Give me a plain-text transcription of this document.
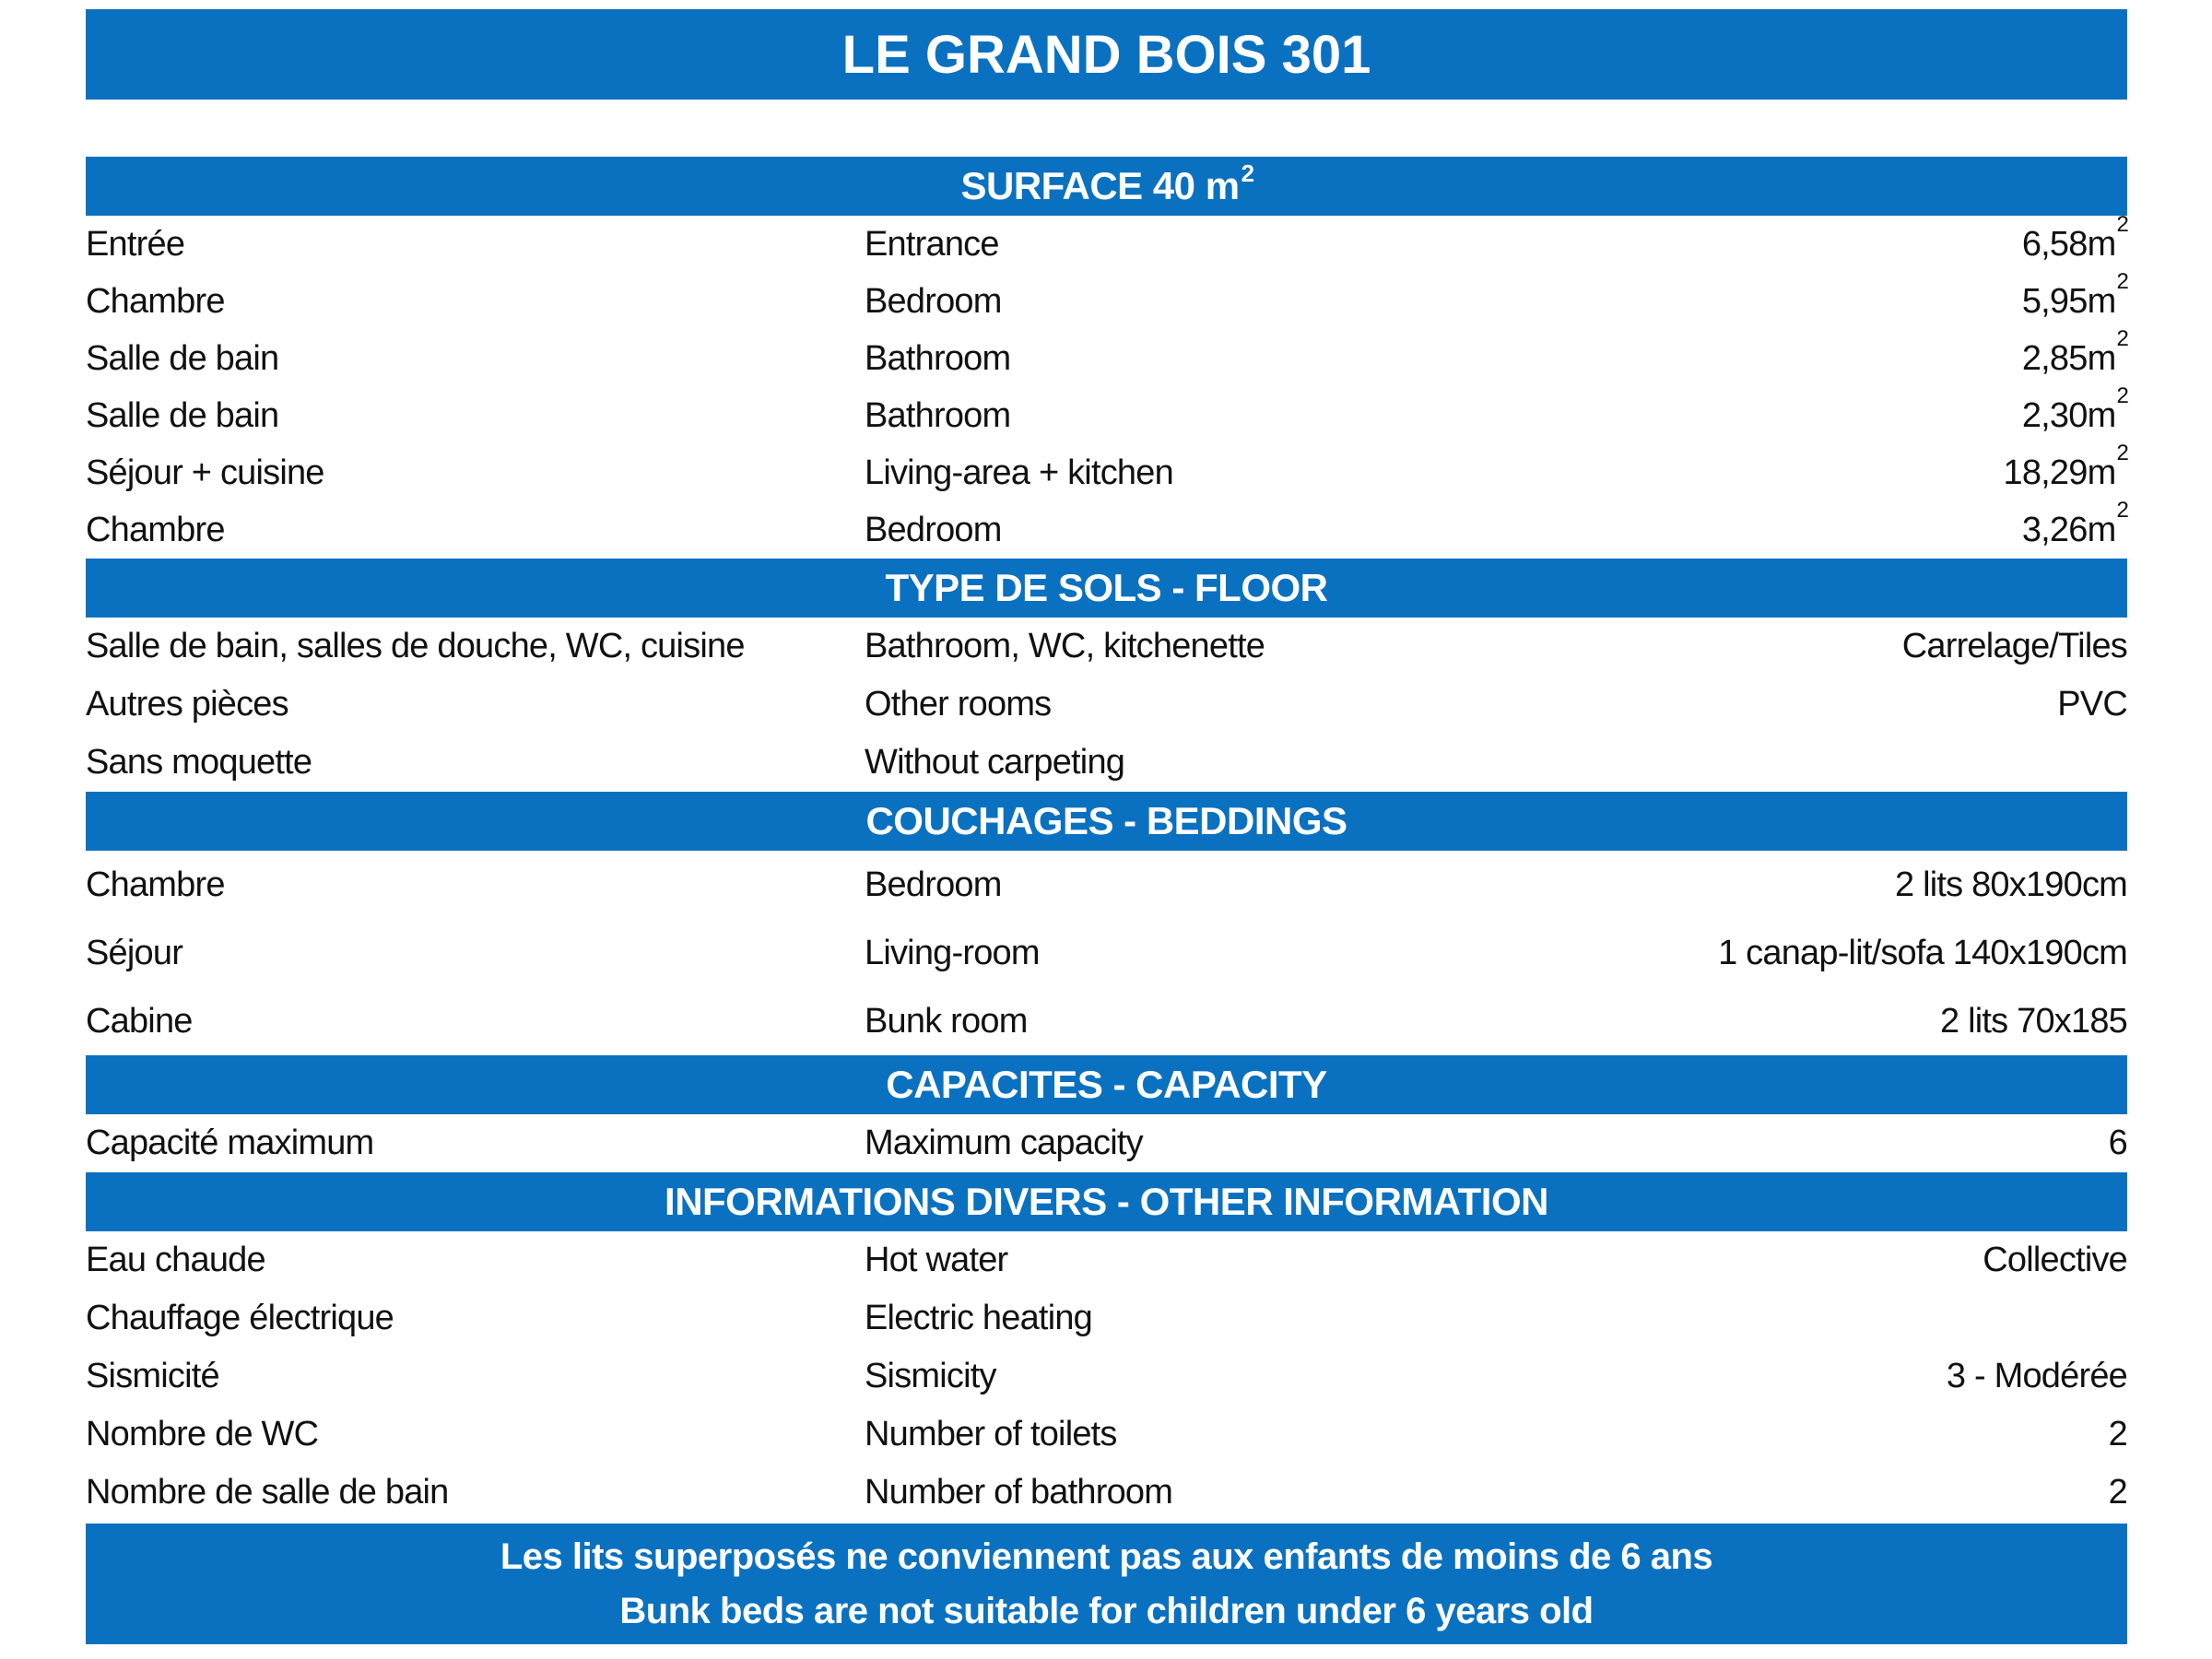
LE GRAND BOIS 301
SURFACE 40 $m^2$
Entrée	Entrance	$6,58m^2$
Chambre	Bedroom	$5,95m^2$
Salle de bain	Bathroom	$2,85m^2$
Salle de bain	Bathroom	$2,30m^2$
Séjour + cuisine	Living-area + kitchen	$18,29m^2$
Chambre	Bedroom	$3,26m^2$
TYPE DE SOLS - FLOOR
Salle de bain, salles de douche, WC, cuisine	Bathroom, WC, kitchenette	Carrelage/Tiles
Autres pièces	Other rooms	PVC
Sans moquette	Without carpeting
COUCHAGES - BEDDINGS
Chambre	Bedroom	2 lits 80x190cm
Séjour	Living-room	1 canap-lit/sofa 140x190cm
Cabine	Bunk room	2 lits 70x185
CAPACITES - CAPACITY
Capacité maximum	Maximum capacity	6
INFORMATIONS DIVERS - OTHER INFORMATION
Eau chaude	Hot water	Collective
Chauffage électrique	Electric heating
Sismicité	Sismicity	3 - Modérée
Nombre de WC	Number of toilets	2
Nombre de salle de bain	Number of bathroom	2
Les lits superposés ne conviennent pas aux enfants de moins de 6 ans
Bunk beds are not suitable for children under 6 years old
